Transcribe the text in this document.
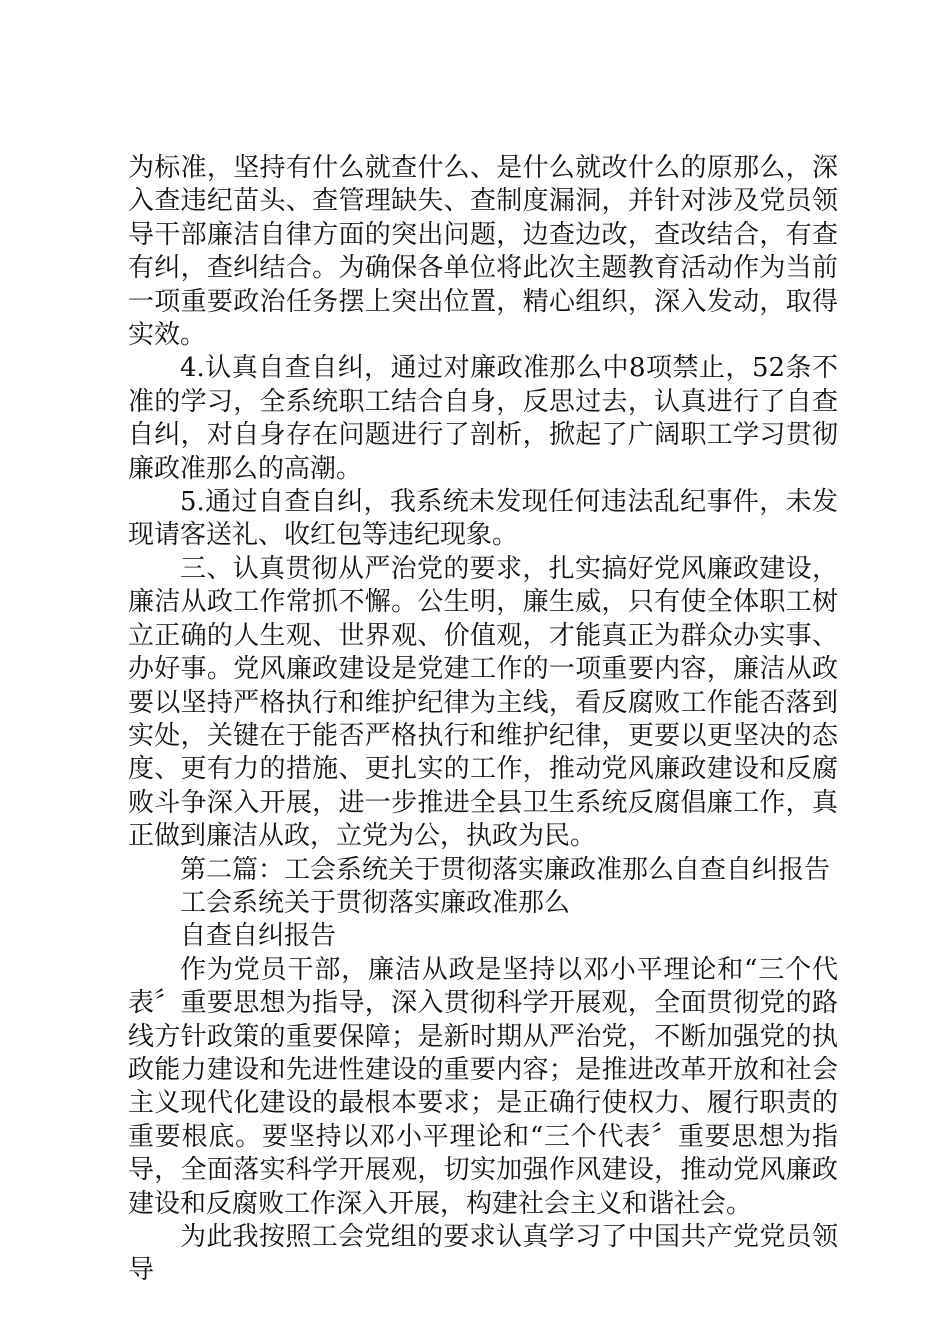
为标准，坚持有什么就查什么、是什么就改什么的原那么，深入查违纪苗头、查管理缺失、查制度漏洞，并针对涉及党员领导干部廉洁自律方面的突出问题，边查边改，查改结合，有查有纠，查纠结合。为确保各单位将此次主题教育活动作为当前一项重要政治任务摆上突出位置，精心组织，深入发动，取得实效。

4.认真自查自纠，通过对廉政准那么中8项禁止，52条不准的学习，全系统职工结合自身，反思过去，认真进行了自查自纠，对自身存在问题进行了剖析，掀起了广阔职工学习贯彻廉政准那么的高潮。

5.通过自查自纠，我系统未发现任何违法乱纪事件，未发现请客送礼、收红包等违纪现象。

三、认真贯彻从严治党的要求，扎实搞好党风廉政建设，廉洁从政工作常抓不懈。公生明，廉生威，只有使全体职工树立正确的人生观、世界观、价值观，才能真正为群众办实事、办好事。党风廉政建设是党建工作的一项重要内容，廉洁从政要以坚持严格执行和维护纪律为主线，看反腐败工作能否落到实处，关键在于能否严格执行和维护纪律，更要以更坚决的态度、更有力的措施、更扎实的工作，推动党风廉政建设和反腐败斗争深入开展，进一步推进全县卫生系统反腐倡廉工作，真正做到廉洁从政，立党为公，执政为民。

第二篇：工会系统关于贯彻落实廉政准那么自查自纠报告

工会系统关于贯彻落实廉政准那么

自查自纠报告

作为党员干部，廉洁从政是坚持以邓小平理论和“三个代表〞重要思想为指导，深入贯彻科学开展观，全面贯彻党的路线方针政策的重要保障；是新时期从严治党，不断加强党的执政能力建设和先进性建设的重要内容；是推进改革开放和社会主义现代化建设的最根本要求；是正确行使权力、履行职责的重要根底。要坚持以邓小平理论和“三个代表〞重要思想为指导，全面落实科学开展观，切实加强作风建设，推动党风廉政建设和反腐败工作深入开展，构建社会主义和谐社会。

为此我按照工会党组的要求认真学习了中国共产党党员领导
